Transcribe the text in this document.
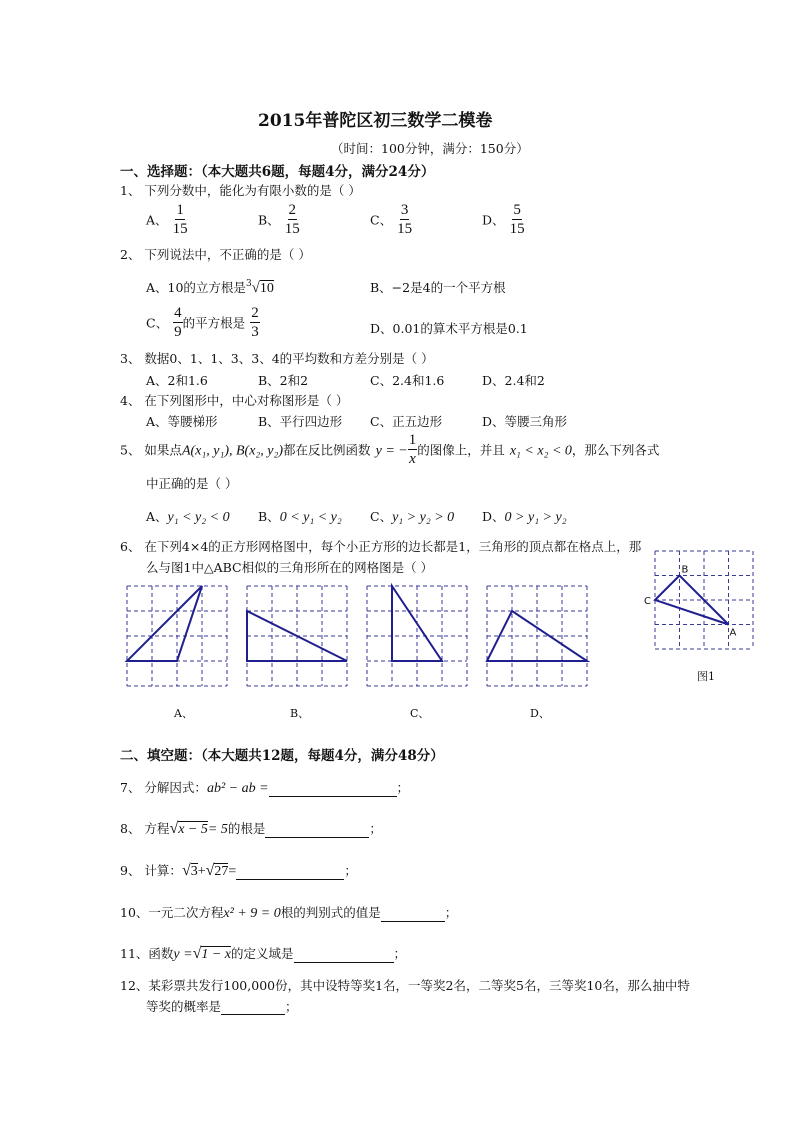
2015年普陀区初三数学二模卷
（时间：100分钟，满分：150分）
一、选择题：（本大题共6题，每题4分，满分24分）
1、 下列分数中，能化为有限小数的是（ ）
A、 $\frac{1}{15}$	B、 $\frac{2}{15}$	C、 $\frac{3}{15}$	D、 $\frac{5}{15}$
2、 下列说法中，不正确的是（ ）
A、10的立方根是$^3$√10	B、−2是4的一个平方根
C、 $\frac{4}{9}$ 的平方根是 $\frac{2}{3}$	D、0.01的算术平方根是0.1
3、 数据0、1、1、3、3、4的平均数和方差分别是（ ）
A、2和1.6	B、2和2	C、2.4和1.6	D、2.4和2
4、 在下列图形中，中心对称图形是（ ）
A、等腰梯形	B、平行四边形 C、正五边形	D、等腰三角形
5、 如果点A(x₁, y₁), B(x₂, y₂)都在反比例函数 y = − $\frac{1}{x}$ 的图像上，并且 x₁ < x₂ < 0，那么下列各式
中正确的是（ ）
A、y₁ < y₂ < 0 B、0 < y₁ < y₂ C、y₁ > y₂ > 0 D、0 > y₁ > y₂
6、 在下列4×4的正方形网格图中，每个小正方形的边长都是1，三角形的顶点都在格点上，那
么与图1中△ABC相似的三角形所在的网格图是（ ）	B
C
A
A、	B、	C、	D、
图1
二、填空题：（本大题共12题，每题4分，满分48分）
7、 分解因式：ab² − ab =	；
8、 方程√x − 5= 5的根是	；
9、 计算：√3+√27=	；
10、一元二次方程x² + 9 = 0根的判别式的值是	；
11、函数y =√1 − x的定义域是	；
12、某彩票共发行100,000份，其中设特等奖1名，一等奖2名，二等奖5名，三等奖10名，那么抽中特
等奖的概率是	；
